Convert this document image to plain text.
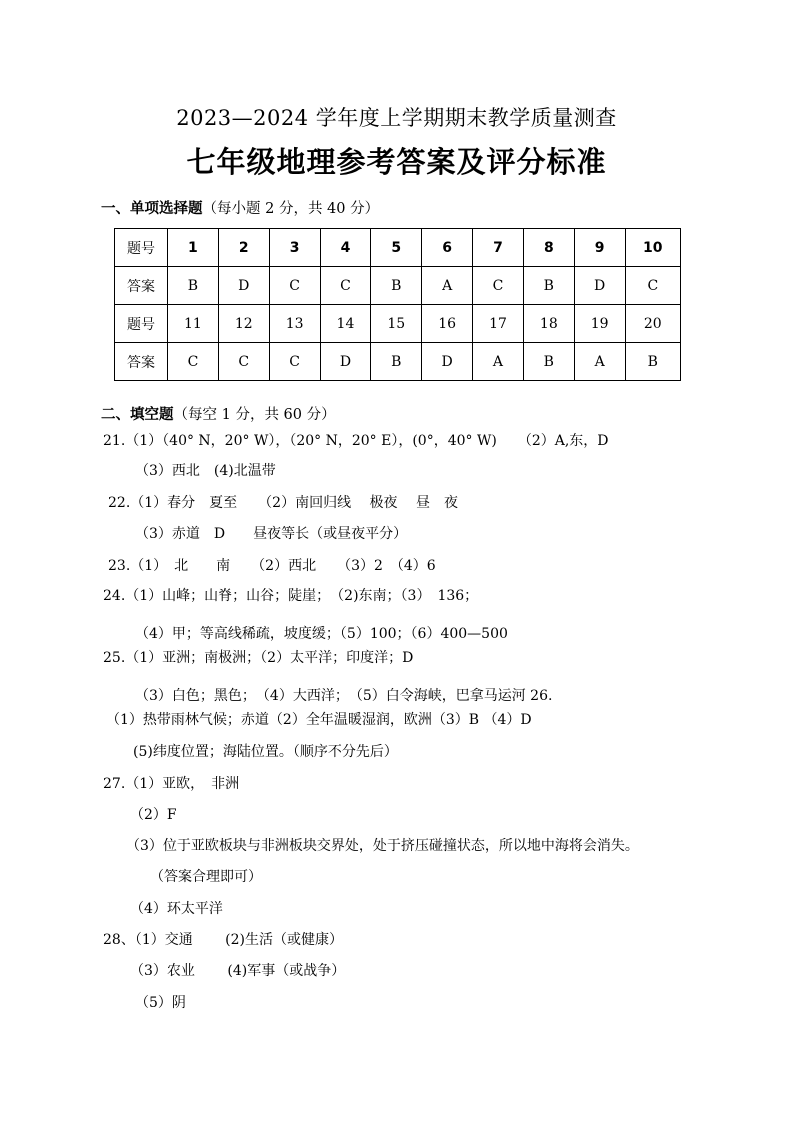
2023—2024 学年度上学期期末教学质量测查
七年级地理参考答案及评分标准
一、单项选择题（每小题 2 分，共 40 分）
题号	1	2	3	4	5	6	7	8	9	10
答案	B	D	C	C	B	A	C	B	D	C
题号	11	12	13	14	15	16	17	18	19	20
答案	C	C	C	D	B	D	A	B	A	B
二、填空题（每空 1 分，共 60 分）
21.（1）（40° N，20° W），（20° N，20° E），(0°，40° W)　　（2）A,东，D
（3）西北　(4)北温带
22.（1）春分　夏至　　（2）南回归线　 极夜　 昼　夜
（3）赤道　D　　昼夜等长（或昼夜平分）
23.（1）　北　　南　　（2）西北　　（3）2　（4）6
24.（1）山峰；山脊；山谷；陡崖；　（2)东南；（3）　136；
（4）甲；等高线稀疏，坡度缓；（5）100；（6）400—500
25.（1）亚洲；南极洲；（2）太平洋；印度洋；D
（3）白色；黑色；　（4）大西洋；　（5）白令海峡，巴拿马运河 26.
（1）热带雨林气候；赤道（2）全年温暖湿润，欧洲（3）B （4）D
(5)纬度位置；海陆位置。（顺序不分先后）
27.（1）亚欧，　非洲
（2）F
（3）位于亚欧板块与非洲板块交界处，处于挤压碰撞状态，所以地中海将会消失。
（答案合理即可）
（4）环太平洋
28、（1）交通　　 (2)生活（或健康）
（3）农业　　 (4)军事（或战争）
（5）阴
